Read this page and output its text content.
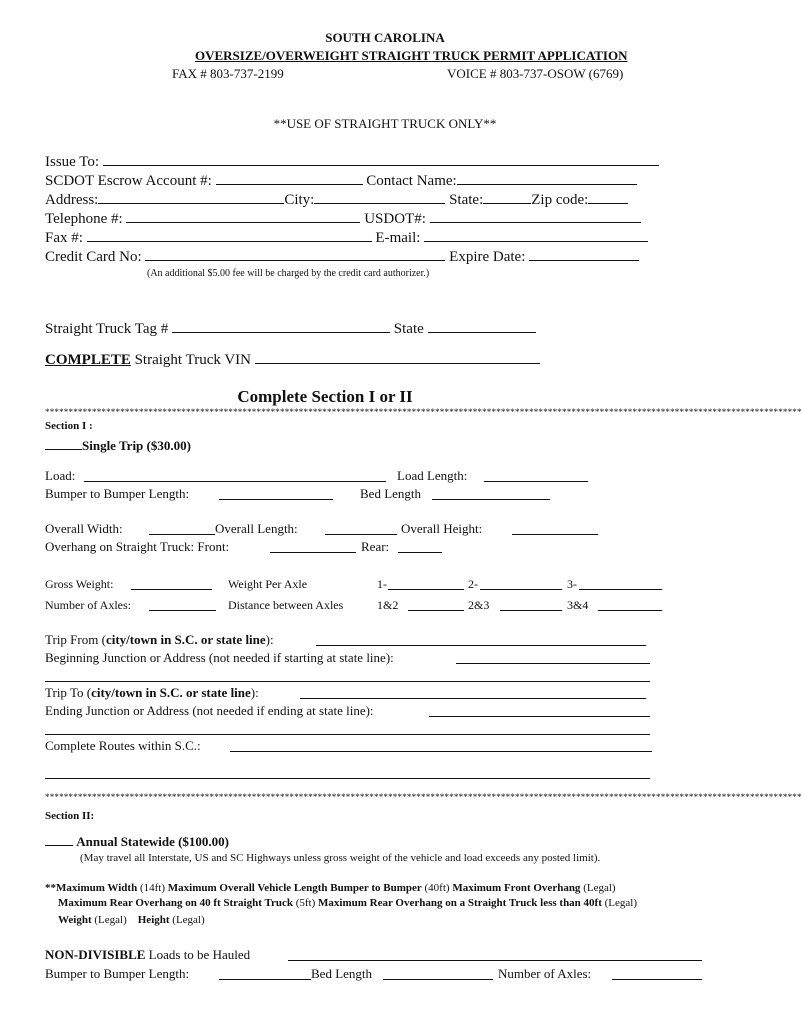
SOUTH CAROLINA
OVERSIZE/OVERWEIGHT STRAIGHT TRUCK PERMIT APPLICATION
FAX # 803-737-2199	VOICE # 803-737-OSOW (6769)
**USE OF STRAIGHT TRUCK ONLY**
Issue To:
SCDOT Escrow Account #:	Contact Name:
Address:	City:	State:	Zip code:
Telephone #:	USDOT#:
Fax #:	E-mail:
Credit Card No:	Expire Date:
(An additional $5.00 fee will be charged by the credit card authorizer.)
Straight Truck Tag #	State
COMPLETE Straight Truck VIN
Complete Section I or II
*****************************************************************************************************************************************************************
Section I :
Single Trip ($30.00)
Load:	Load Length:
Bumper to Bumper Length:	Bed Length
Overall Width:	Overall Length:	Overall Height:
Overhang on Straight Truck: Front:	Rear:
Gross Weight:	Weight Per Axle	1-	2-	3-
Number of Axles:	Distance between Axles	1&2	2&3	3&4
Trip From (city/town in S.C. or state line):
Beginning Junction or Address (not needed if starting at state line):
Trip To (city/town in S.C. or state line):
Ending Junction or Address (not needed if ending at state line):
Complete Routes within S.C.:
*****************************************************************************************************************************************************************
Section II:
Annual Statewide ($100.00)
(May travel all Interstate, US and SC Highways unless gross weight of the vehicle and load exceeds any posted limit).
**Maximum Width (14ft) Maximum Overall Vehicle Length Bumper to Bumper (40ft) Maximum Front Overhang (Legal)
Maximum Rear Overhang on 40 ft Straight Truck (5ft) Maximum Rear Overhang on a Straight Truck less than 40ft (Legal)
Weight (Legal) Height (Legal)
NON-DIVISIBLE Loads to be Hauled
Bumper to Bumper Length:	Bed Length	Number of Axles:
